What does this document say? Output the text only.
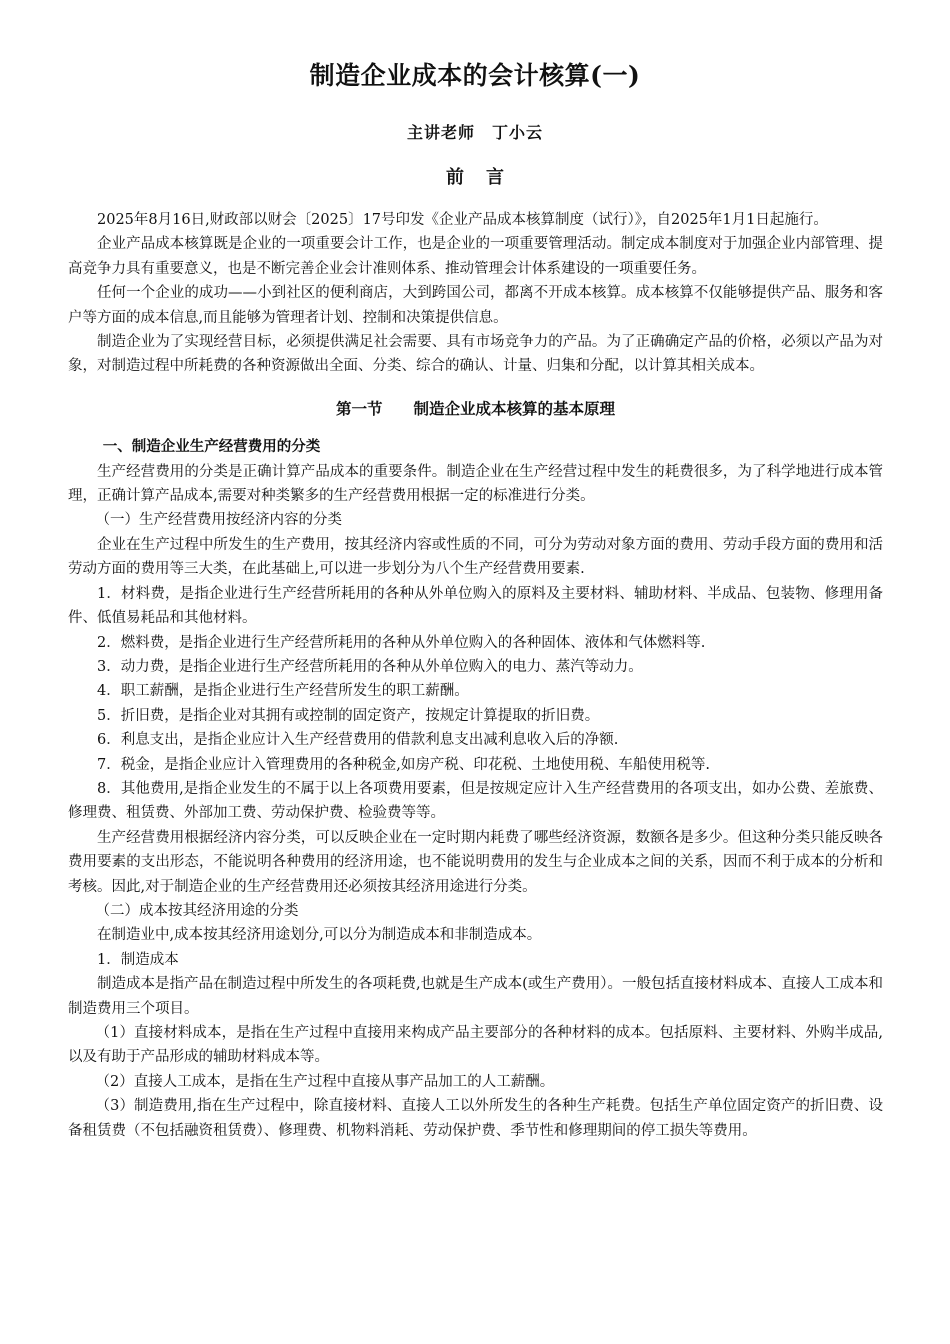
制造企业成本的会计核算(一)
主讲老师　丁小云
前言

2025年8月16日,财政部以财会〔2025〕17号印发《企业产品成本核算制度（试行）》，自2025年1月1日起施行。

企业产品成本核算既是企业的一项重要会计工作，也是企业的一项重要管理活动。制定成本制度对于加强企业内部管理、提高竞争力具有重要意义，也是不断完善企业会计准则体系、推动管理会计体系建设的一项重要任务。

任何一个企业的成功——小到社区的便利商店，大到跨国公司，都离不开成本核算。成本核算不仅能够提供产品、服务和客户等方面的成本信息,而且能够为管理者计划、控制和决策提供信息。

制造企业为了实现经营目标，必须提供满足社会需要、具有市场竞争力的产品。为了正确确定产品的价格，必须以产品为对象，对制造过程中所耗费的各种资源做出全面、分类、综合的确认、计量、归集和分配，以计算其相关成本。

第一节　　制造企业成本核算的基本原理

一、制造企业生产经营费用的分类

生产经营费用的分类是正确计算产品成本的重要条件。制造企业在生产经营过程中发生的耗费很多，为了科学地进行成本管理，正确计算产品成本,需要对种类繁多的生产经营费用根据一定的标准进行分类。

（一）生产经营费用按经济内容的分类

企业在生产过程中所发生的生产费用，按其经济内容或性质的不同，可分为劳动对象方面的费用、劳动手段方面的费用和活劳动方面的费用等三大类，在此基础上,可以进一步划分为八个生产经营费用要素.

1．材料费，是指企业进行生产经营所耗用的各种从外单位购入的原料及主要材料、辅助材料、半成品、包装物、修理用备件、低值易耗品和其他材料。

2．燃料费，是指企业进行生产经营所耗用的各种从外单位购入的各种固体、液体和气体燃料等.

3．动力费，是指企业进行生产经营所耗用的各种从外单位购入的电力、蒸汽等动力。

4．职工薪酬，是指企业进行生产经营所发生的职工薪酬。

5．折旧费，是指企业对其拥有或控制的固定资产，按规定计算提取的折旧费。

6．利息支出，是指企业应计入生产经营费用的借款利息支出减利息收入后的净额.

7．税金，是指企业应计入管理费用的各种税金,如房产税、印花税、土地使用税、车船使用税等.

8．其他费用,是指企业发生的不属于以上各项费用要素，但是按规定应计入生产经营费用的各项支出，如办公费、差旅费、修理费、租赁费、外部加工费、劳动保护费、检验费等等。

生产经营费用根据经济内容分类，可以反映企业在一定时期内耗费了哪些经济资源，数额各是多少。但这种分类只能反映各费用要素的支出形态，不能说明各种费用的经济用途，也不能说明费用的发生与企业成本之间的关系，因而不利于成本的分析和考核。因此,对于制造企业的生产经营费用还必须按其经济用途进行分类。

（二）成本按其经济用途的分类

在制造业中,成本按其经济用途划分,可以分为制造成本和非制造成本。

1．制造成本

制造成本是指产品在制造过程中所发生的各项耗费,也就是生产成本(或生产费用）。一般包括直接材料成本、直接人工成本和制造费用三个项目。

（1）直接材料成本，是指在生产过程中直接用来构成产品主要部分的各种材料的成本。包括原料、主要材料、外购半成品,以及有助于产品形成的辅助材料成本等。

（2）直接人工成本，是指在生产过程中直接从事产品加工的人工薪酬。

（3）制造费用,指在生产过程中，除直接材料、直接人工以外所发生的各种生产耗费。包括生产单位固定资产的折旧费、设备租赁费（不包括融资租赁费）、修理费、机物料消耗、劳动保护费、季节性和修理期间的停工损失等费用。
